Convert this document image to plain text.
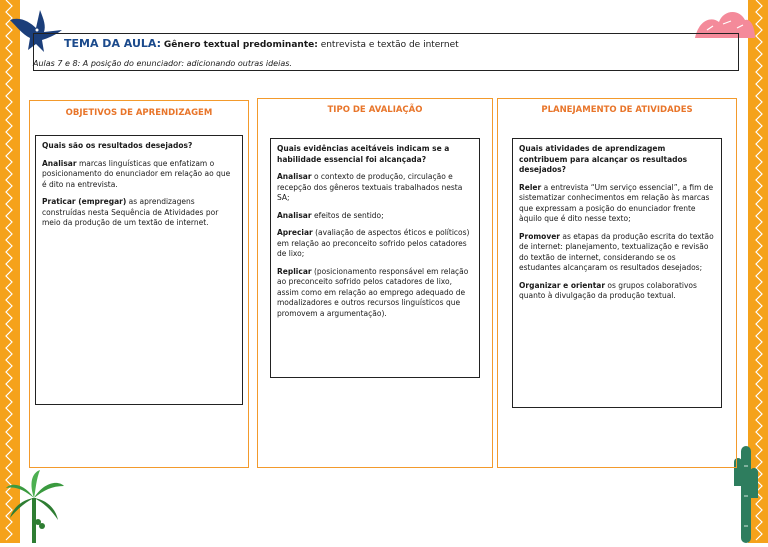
TEMA DA AULA: Gênero textual predominante: entrevista e textão de internet
Aulas 7 e 8: A posição do enunciador: adicionando outras ideias.
OBJETIVOS DE APRENDIZAGEM

Quais são os resultados desejados?

Analisar marcas linguísticas que enfatizam o posicionamento do enunciador em relação ao que é dito na entrevista.

Praticar (empregar) as aprendizagens construídas nesta Sequência de Atividades por meio da produção de um textão de internet.

TIPO DE AVALIAÇÃO

Quais evidências aceitáveis indicam se a habilidade essencial foi alcançada?

Analisar o contexto de produção, circulação e recepção dos gêneros textuais trabalhados nesta SA;

Analisar efeitos de sentido;

Apreciar (avaliação de aspectos éticos e políticos) em relação ao preconceito sofrido pelos catadores de lixo;

Replicar (posicionamento responsável em relação ao preconceito sofrido pelos catadores de lixo, assim como em relação ao emprego adequado de modalizadores e outros recursos linguísticos que promovem a argumentação).

PLANEJAMENTO DE ATIVIDADES

Quais atividades de aprendizagem contribuem para alcançar os resultados desejados?

Reler a entrevista “Um serviço essencial”, a fim de sistematizar conhecimentos em relação às marcas que expressam a posição do enunciador frente àquilo que é dito nesse texto;

Promover as etapas da produção escrita do textão de internet: planejamento, textualização e revisão do textão de internet, considerando se os estudantes alcançaram os resultados desejados;

Organizar e orientar os grupos colaborativos quanto à divulgação da produção textual.
